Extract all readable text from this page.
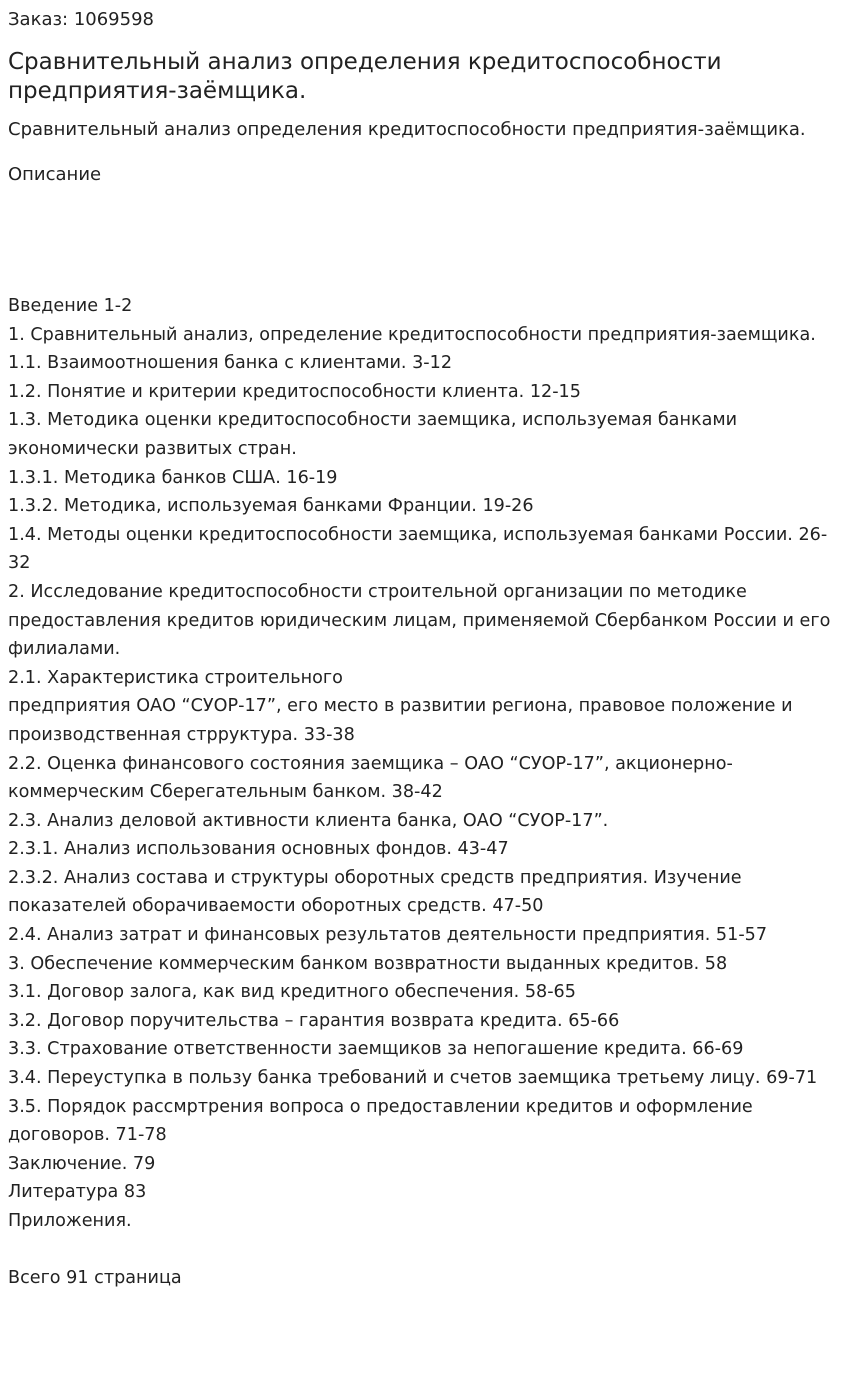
Заказ: 1069598

Сравнительный анализ определения кредитоспособности предприятия-заёмщика.

Сравнительный анализ определения кредитоспособности предприятия-заёмщика.

Описание

Введение 1-2
1. Сравнительный анализ, определение кредитоспособности предприятия-заемщика.
1.1. Взаимоотношения банка с клиентами. 3-12
1.2. Понятие и критерии кредитоспособности клиента. 12-15
1.3. Методика оценки кредитоспособности заемщика, используемая банками экономически развитых стран.
1.3.1. Методика банков США. 16-19
1.3.2. Методика, используемая банками Франции. 19-26
1.4. Методы оценки кредитоспособности заемщика, используемая банками России. 26-32
2. Исследование кредитоспособности строительной организации по методике предоставления кредитов юридическим лицам, применяемой Сбербанком России и его филиалами.
2.1. Характеристика строительного
предприятия ОАО “СУОР-17”, его место в развитии региона, правовое положение и производственная стрруктура. 33-38
2.2. Оценка финансового состояния заемщика – ОАО “СУОР-17”, акционерно-коммерческим Сберегательным банком. 38-42
2.3. Анализ деловой активности клиента банка, ОАО “СУОР-17”.
2.3.1. Анализ использования основных фондов. 43-47
2.3.2. Анализ состава и структуры оборотных средств предприятия. Изучение показателей оборачиваемости оборотных средств. 47-50
2.4. Анализ затрат и финансовых результатов деятельности предприятия. 51-57
3. Обеспечение коммерческим банком возвратности выданных кредитов. 58
3.1. Договор залога, как вид кредитного обеспечения. 58-65
3.2. Договор поручительства – гарантия возврата кредита. 65-66
3.3. Страхование ответственности заемщиков за непогашение кредита. 66-69
3.4. Переуступка в пользу банка требований и счетов заемщика третьему лицу. 69-71
3.5. Порядок рассмртрения вопроса о предоставлении кредитов и оформление договоров. 71-78
Заключение. 79
Литература 83
Приложения.
Всего 91 страница
